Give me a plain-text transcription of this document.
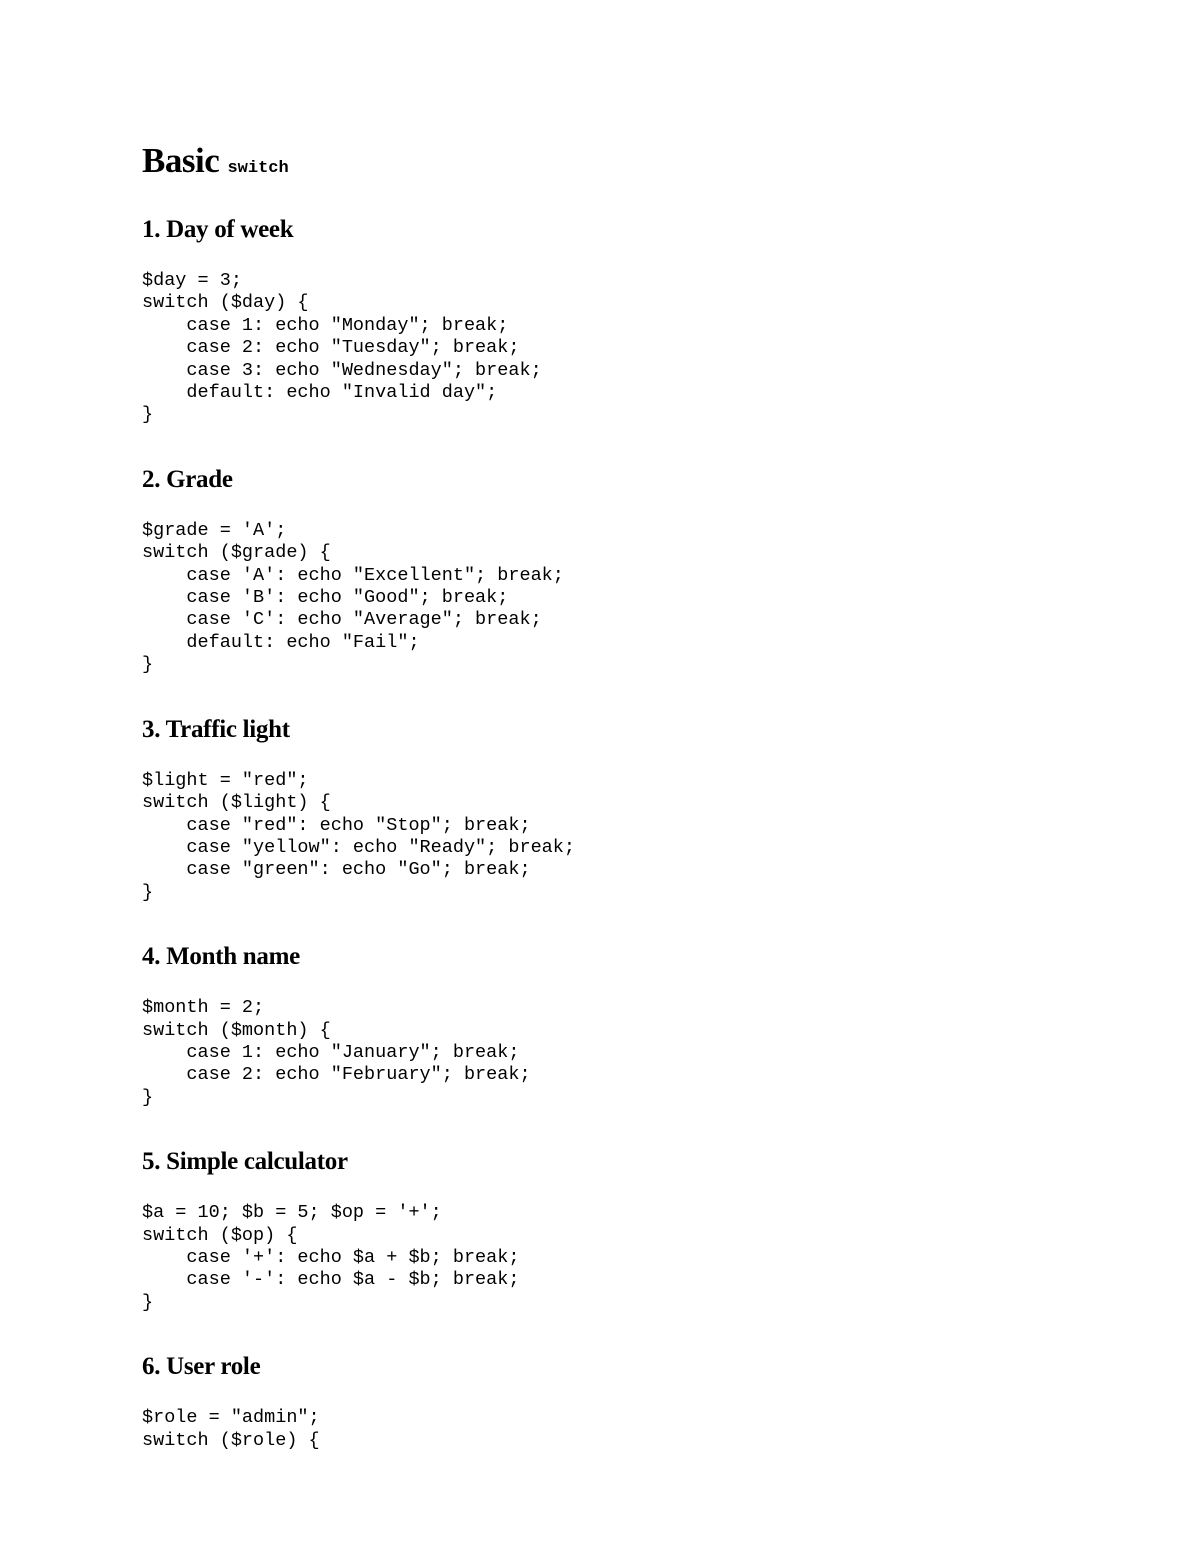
Basic switch
1. Day of week
$day = 3;
switch ($day) {
case 1: echo "Monday"; break;
case 2: echo "Tuesday"; break;
case 3: echo "Wednesday"; break;
default: echo "Invalid day";
}
2. Grade
$grade = 'A';
switch ($grade) {
case 'A': echo "Excellent"; break;
case 'B': echo "Good"; break;
case 'C': echo "Average"; break;
default: echo "Fail";
}
3. Traffic light
$light = "red";
switch ($light) {
case "red": echo "Stop"; break;
case "yellow": echo "Ready"; break;
case "green": echo "Go"; break;
}
4. Month name
$month = 2;
switch ($month) {
case 1: echo "January"; break;
case 2: echo "February"; break;
}
5. Simple calculator
$a = 10; $b = 5; $op = '+';
switch ($op) {
case '+': echo $a + $b; break;
case '-': echo $a - $b; break;
}
6. User role
$role = "admin";
switch ($role) {
